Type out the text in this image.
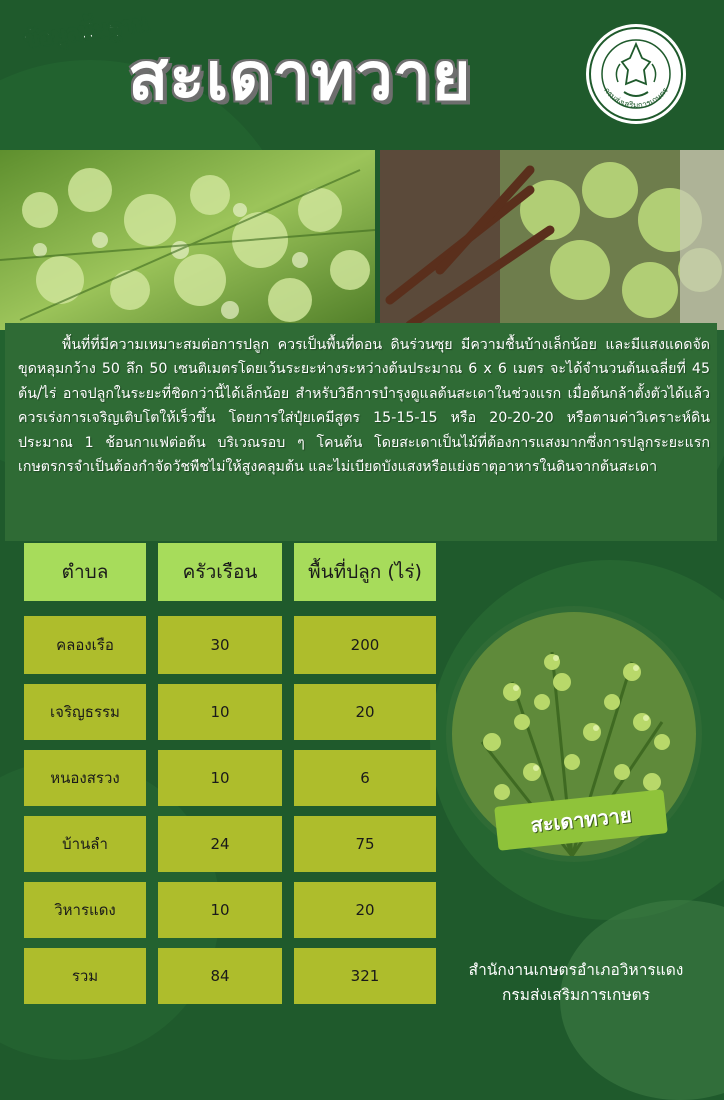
ข้อมูลพื้นฐาน
สะเดาทวาย	กรมส่งเสริมการเกษตร
พื้นที่ที่มีความเหมาะสมต่อการปลูก ควรเป็นพื้นที่ดอน ดินร่วนซุย มีความชื้นบ้างเล็กน้อย และมีแสงแดดจัด ขุดหลุมกว้าง 50 ลึก 50 เซนติเมตรโดยเว้นระยะห่างระหว่างต้นประมาณ 6 x 6 เมตร จะได้จำนวนต้นเฉลี่ยที่ 45 ต้น/ไร่ อาจปลูกในระยะที่ชิดกว่านี้ได้เล็กน้อย สำหรับวิธีการบำรุงดูแลต้นสะเดาในช่วงแรก เมื่อต้นกล้าตั้งตัวได้แล้ว ควรเร่งการเจริญเติบโตให้เร็วขึ้น โดยการใส่ปุ๋ยเคมีสูตร 15-15-15 หรือ 20-20-20 หรือตามค่าวิเคราะห์ดิน ประมาณ 1 ช้อนกาแฟต่อต้น บริเวณรอบ ๆ โคนต้น โดยสะเดาเป็นไม้ที่ต้องการแสงมากซึ่งการปลูกระยะแรก เกษตรกรจำเป็นต้องกำจัดวัชพืชไม่ให้สูงคลุมต้น และไม่เบียดบังแสงหรือแย่งธาตุอาหารในดินจากต้นสะเดา
ตำบล	ครัวเรือน	พื้นที่ปลูก (ไร่)
คลองเรือ	30	200
เจริญธรรม	10	20
หนองสรวง	10	6
บ้านลำ	24	75
วิหารแดง	10	20
รวม	84	321
สะเดาทวาย
สำนักงานเกษตรอำเภอวิหารแดง
กรมส่งเสริมการเกษตร
